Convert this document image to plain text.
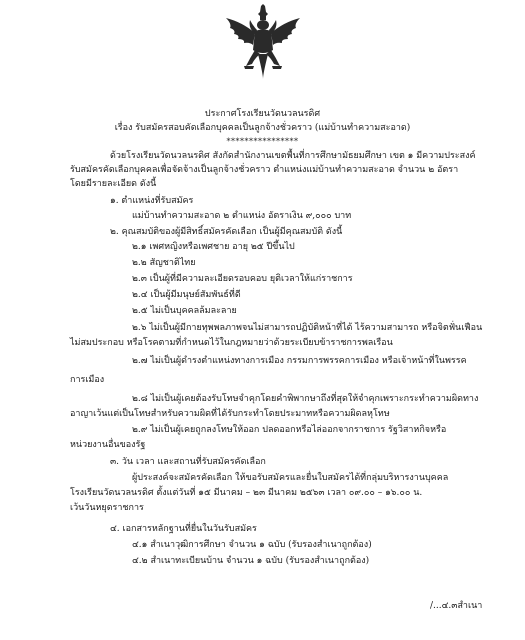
ประกาศโรงเรียนวัดนวลนรดิศ
เรื่อง รับสมัครสอบคัดเลือกบุคคลเป็นลูกจ้างชั่วคราว (แม่บ้านทำความสะอาด)
****************
ด้วยโรงเรียนวัดนวลนรดิศ สังกัดสำนักงานเขตพื้นที่การศึกษามัธยมศึกษา เขต ๑ มีความประสงค์
รับสมัครคัดเลือกบุคคลเพื่อจัดจ้างเป็นลูกจ้างชั่วคราว ตำแหน่งแม่บ้านทำความสะอาด จำนวน ๒ อัตรา
โดยมีรายละเอียด ดังนี้
๑. ตำแหน่งที่รับสมัคร
แม่บ้านทำความสะอาด ๒ ตำแหน่ง อัตราเงิน ๙,๐๐๐ บาท
๒. คุณสมบัติของผู้มีสิทธิ์สมัครคัดเลือก เป็นผู้มีคุณสมบัติ ดังนี้
๒.๑ เพศหญิงหรือเพศชาย อายุ ๒๕ ปีขึ้นไป
๒.๒ สัญชาติไทย
๒.๓ เป็นผู้ที่มีความละเอียดรอบคอบ ยุติเวลาให้แก่ราชการ
๒.๔ เป็นผู้มีมนุษย์สัมพันธ์ที่ดี
๒.๕ ไม่เป็นบุคคลล้มละลาย
๒.๖ ไม่เป็นผู้มีกายทุพพลภาพจนไม่สามารถปฏิบัติหน้าที่ได้ ไร้ความสามารถ หรือจิตฟั่นเฟือน
ไม่สมประกอบ หรือโรคตามที่กำหนดไว้ในกฎหมายว่าด้วยระเบียบข้าราชการพลเรือน
๒.๗ ไม่เป็นผู้ดำรงตำแหน่งทางการเมือง กรรมการพรรคการเมือง หรือเจ้าหน้าที่ในพรรค
การเมือง
๒.๘ ไม่เป็นผู้เคยต้องรับโทษจำคุกโดยคำพิพากษาถึงที่สุดให้จำคุกเพราะกระทำความผิดทาง
อาญาเว้นแต่เป็นโทษสำหรับความผิดที่ได้รับกระทำโดยประมาทหรือความผิดลหุโทษ
๒.๙ ไม่เป็นผู้เคยถูกลงโทษให้ออก ปลดออกหรือไล่ออกจากราชการ รัฐวิสาหกิจหรือ
หน่วยงานอื่นของรัฐ
๓. วัน เวลา และสถานที่รับสมัครคัดเลือก
ผู้ประสงค์จะสมัครคัดเลือก ให้ขอรับสมัครและยื่นใบสมัครได้ที่กลุ่มบริหารงานบุคคล
โรงเรียนวัดนวลนรดิศ ตั้งแต่วันที่ ๑๕ มีนาคม – ๒๓ มีนาคม ๒๕๖๓ เวลา ๐๙.๐๐ – ๑๖.๐๐ น.
เว้นวันหยุดราชการ
๔. เอกสารหลักฐานที่ยื่นในวันรับสมัคร
๔.๑ สำเนาวุฒิการศึกษา จำนวน ๑ ฉบับ (รับรองสำเนาถูกต้อง)
๔.๒ สำเนาทะเบียนบ้าน จำนวน ๑ ฉบับ (รับรองสำเนาถูกต้อง)
/...๔.๓สำเนา
